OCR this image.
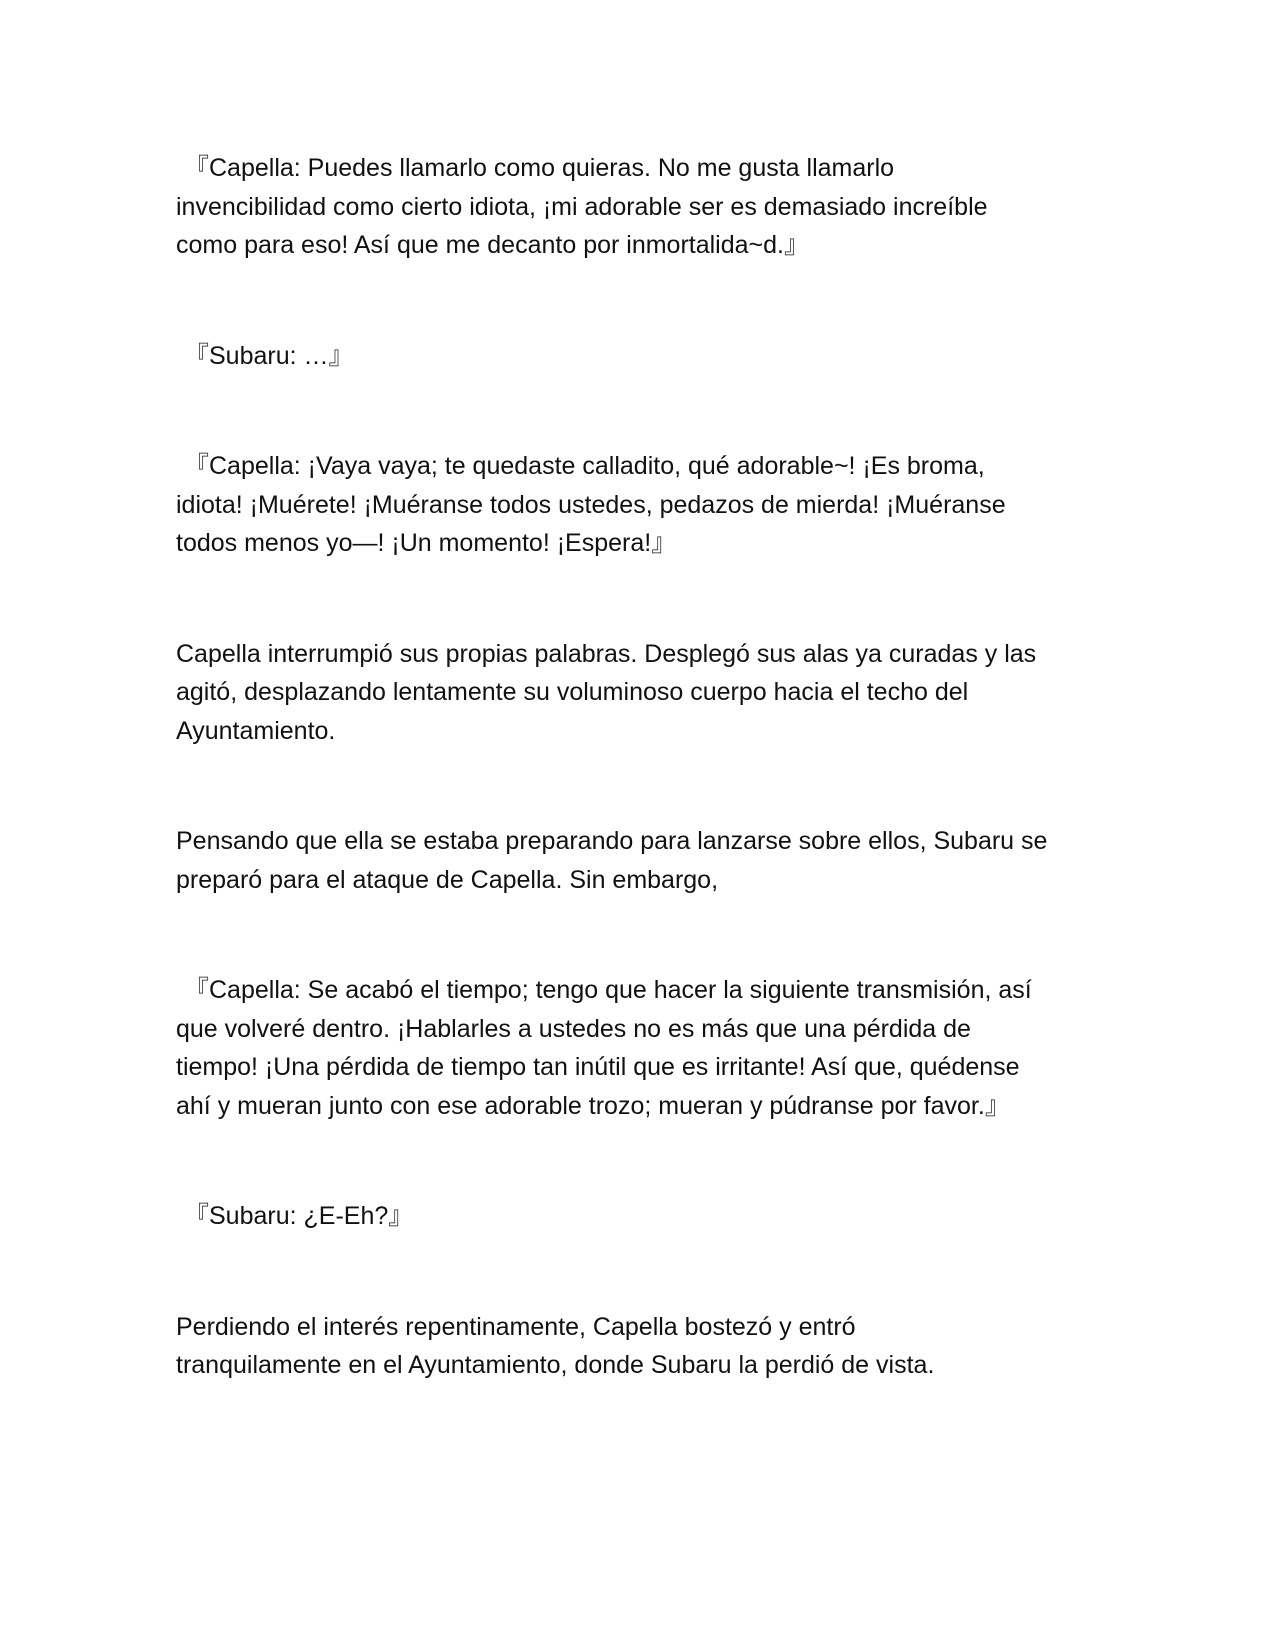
『Capella: Puedes llamarlo como quieras. No me gusta llamarlo
invencibilidad como cierto idiota, ¡mi adorable ser es demasiado increíble
como para eso! Así que me decanto por inmortalida~d.』
『Subaru: …』
『Capella: ¡Vaya vaya; te quedaste calladito, qué adorable~! ¡Es broma,
idiota! ¡Muérete! ¡Muéranse todos ustedes, pedazos de mierda! ¡Muéranse
todos menos yo—! ¡Un momento! ¡Espera!』
Capella interrumpió sus propias palabras. Desplegó sus alas ya curadas y las
agitó, desplazando lentamente su voluminoso cuerpo hacia el techo del
Ayuntamiento.
Pensando que ella se estaba preparando para lanzarse sobre ellos, Subaru se
preparó para el ataque de Capella. Sin embargo,
『Capella: Se acabó el tiempo; tengo que hacer la siguiente transmisión, así
que volveré dentro. ¡Hablarles a ustedes no es más que una pérdida de
tiempo! ¡Una pérdida de tiempo tan inútil que es irritante! Así que, quédense
ahí y mueran junto con ese adorable trozo; mueran y púdranse por favor.』
『Subaru: ¿E-Eh?』
Perdiendo el interés repentinamente, Capella bostezó y entró
tranquilamente en el Ayuntamiento, donde Subaru la perdió de vista.
